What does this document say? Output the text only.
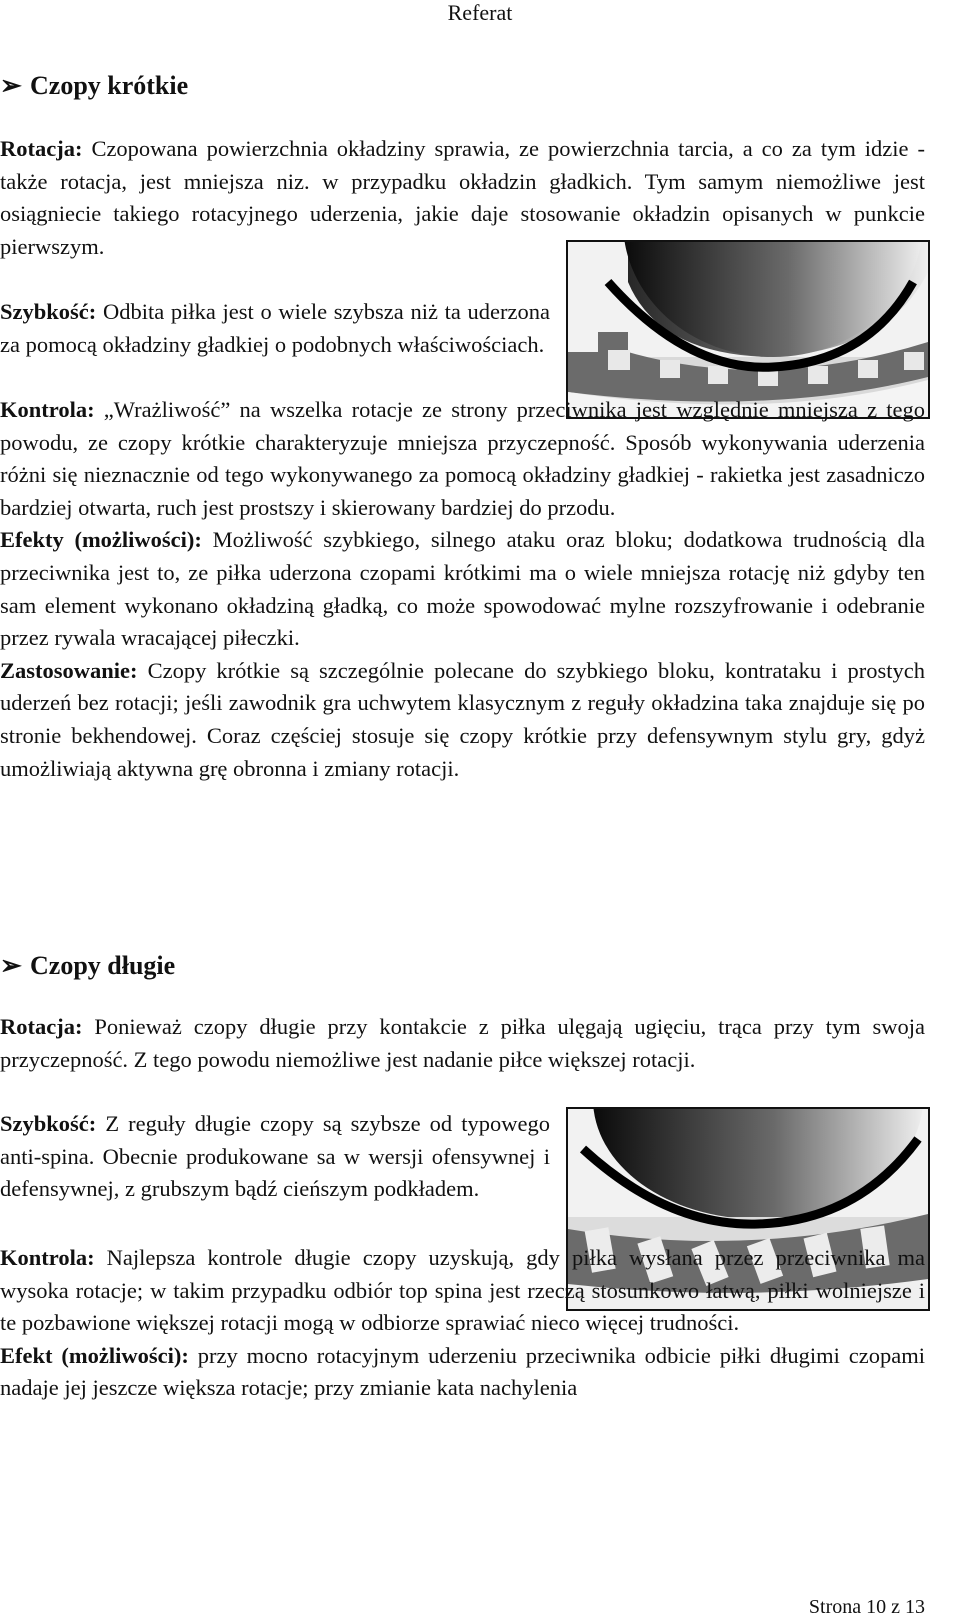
Referat
➢ Czopy krótkie

Rotacja: Czopowana powierzchnia okładziny sprawia, ze powierzchnia tarcia, a co za tym idzie - także rotacja, jest mniejsza niz. w przypadku okładzin gładkich. Tym samym niemożliwe jest osiągniecie takiego rotacyjnego uderzenia, jakie daje stosowanie okładzin opisanych w punkcie pierwszym.

Szybkość: Odbita piłka jest o wiele szybsza niż ta uderzona za pomocą okładziny gładkiej o podobnych właściwościach.

Kontrola: „Wrażliwość” na wszelka rotacje ze strony przeciwnika jest względnie mniejsza z tego powodu, ze czopy krótkie charakteryzuje mniejsza przyczepność. Sposób wykonywania uderzenia różni się nieznacznie od tego wykonywanego za pomocą okładziny gładkiej - rakietka jest zasadniczo bardziej otwarta, ruch jest prostszy i skierowany bardziej do przodu.

Efekty (możliwości): Możliwość szybkiego, silnego ataku oraz bloku; dodatkowa trudnością dla przeciwnika jest to, ze piłka uderzona czopami krótkimi ma o wiele mniejsza rotację niż gdyby ten sam element wykonano okładziną gładką, co może spowodować mylne rozszyfrowanie i odebranie przez rywala wracającej piłeczki.

Zastosowanie: Czopy krótkie są szczególnie polecane do szybkiego bloku, kontrataku i prostych uderzeń bez rotacji; jeśli zawodnik gra uchwytem klasycznym z reguły okładzina taka znajduje się po stronie bekhendowej. Coraz częściej stosuje się czopy krótkie przy defensywnym stylu gry, gdyż umożliwiają aktywna grę obronna i zmiany rotacji.

➢ Czopy długie

Rotacja: Ponieważ czopy długie przy kontakcie z piłka ulęgają ugięciu, trąca przy tym swoja przyczepność. Z tego powodu niemożliwe jest nadanie piłce większej rotacji.

Szybkość: Z reguły długie czopy są szybsze od typowego anti-spina. Obecnie produkowane sa w wersji ofensywnej i defensywnej, z grubszym bądź cieńszym podkładem.

Kontrola: Najlepsza kontrole długie czopy uzyskują, gdy piłka wysłana przez przeciwnika ma wysoka rotacje; w takim przypadku odbiór top spina jest rzeczą stosunkowo łatwą, piłki wolniejsze i te pozbawione większej rotacji mogą w odbiorze sprawiać nieco więcej trudności.

Efekt (możliwości): przy mocno rotacyjnym uderzeniu przeciwnika odbicie piłki długimi czopami nadaje jej jeszcze większa rotacje; przy zmianie kata nachylenia

Strona 10 z 13
